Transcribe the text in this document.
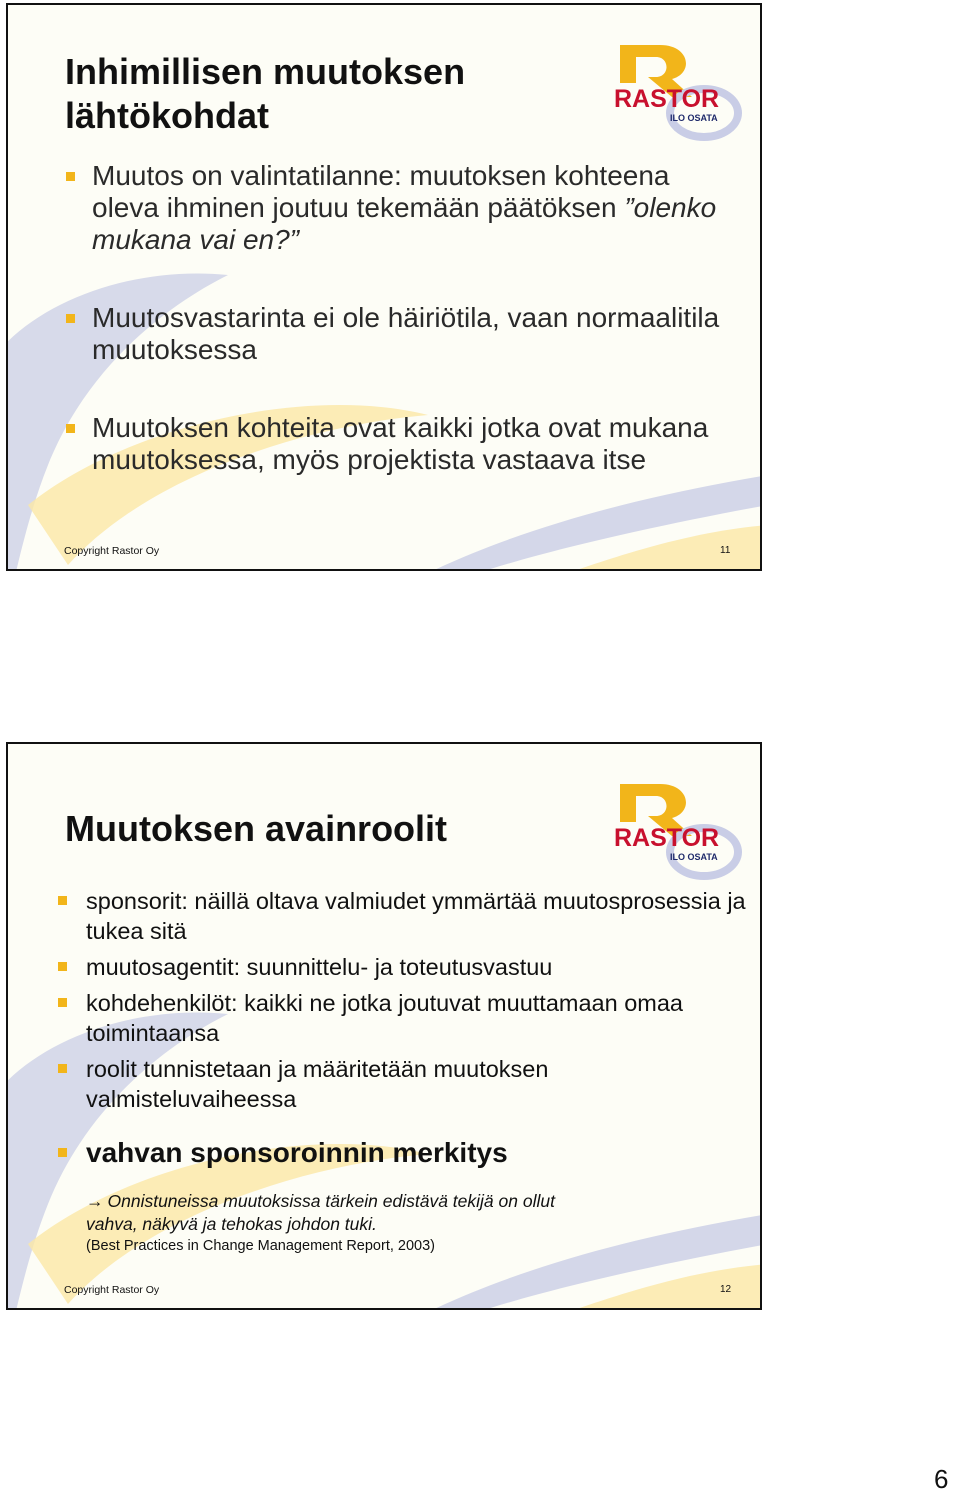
RASTOR
ILO OSATA
Inhimillisen muutoksen lähtökohdat
Muutos on valintatilanne: muutoksen kohteena oleva ihminen joutuu tekemään päätöksen ”olenko mukana vai en?”
Muutosvastarinta ei ole häiriötila, vaan normaalitila muutoksessa
Muutoksen kohteita ovat kaikki jotka ovat mukana muutoksessa, myös projektista vastaava itse
Copyright Rastor Oy	11
RASTOR
ILO OSATA
Muutoksen avainroolit
sponsorit: näillä oltava valmiudet ymmärtää muutosprosessia ja tukea sitä
muutosagentit: suunnittelu- ja toteutusvastuu
kohdehenkilöt: kaikki ne jotka joutuvat muuttamaan omaa toimintaansa
roolit tunnistetaan ja määritetään muutoksen valmisteluvaiheessa
vahvan sponsoroinnin merkitys
→ Onnistuneissa muutoksissa tärkein edistävä tekijä on ollut
vahva, näkyvä ja tehokas johdon tuki.
(Best Practices in Change Management Report, 2003)
Copyright Rastor Oy	12
6
